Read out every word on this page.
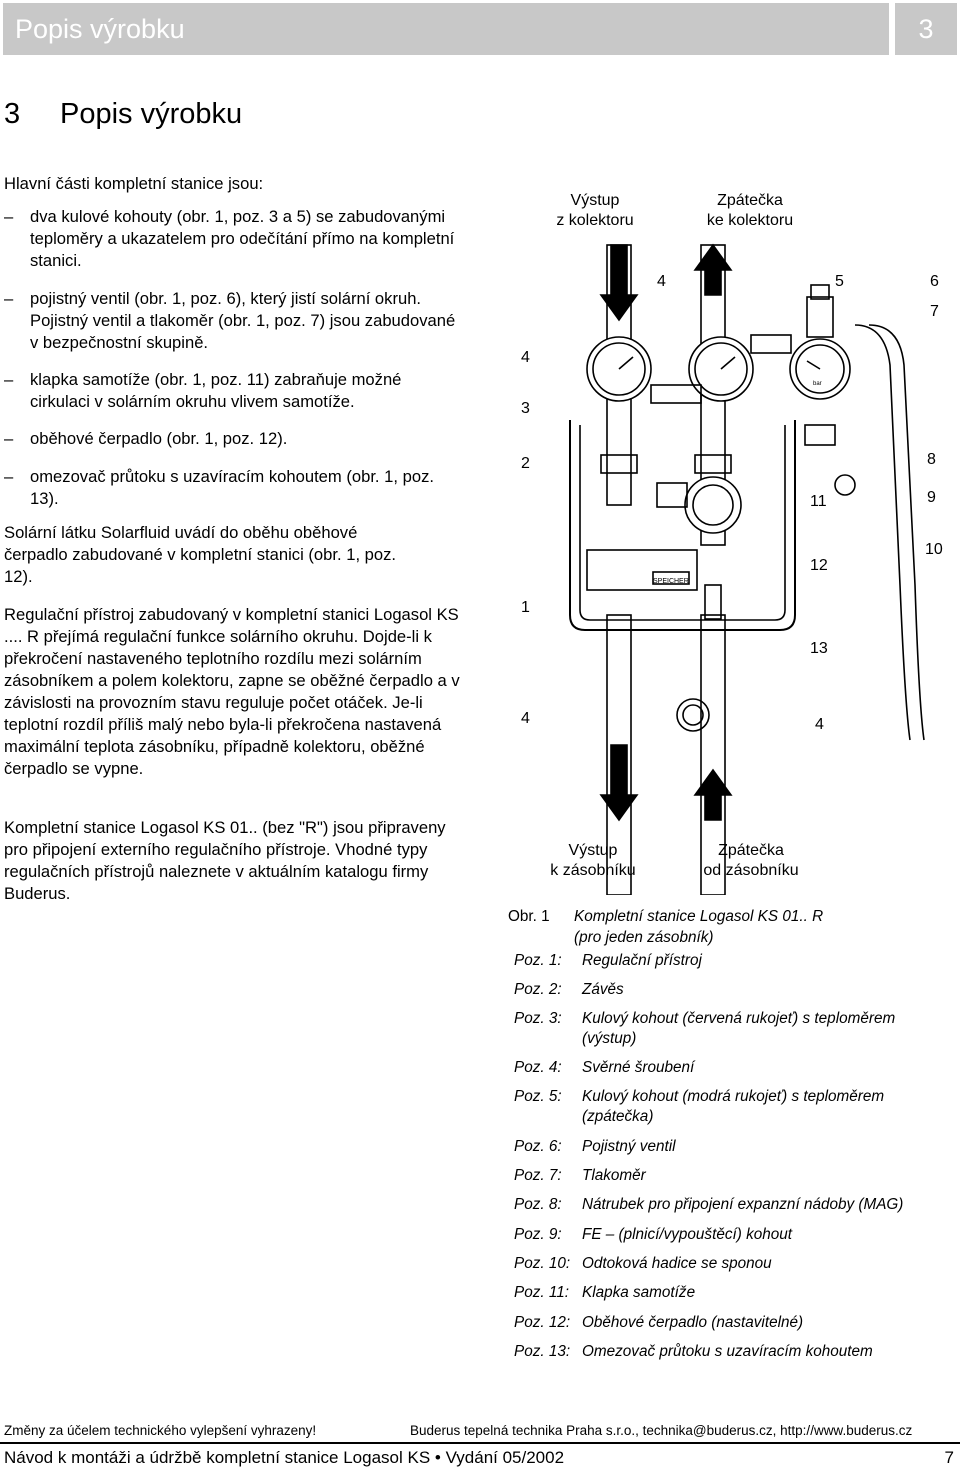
Popis výrobku	3
3 Popis výrobku
Hlavní části kompletní stanice jsou:
– dva kulové kohouty (obr. 1, poz. 3 a 5) se zabudovanými teploměry a ukazatelem pro odečítání přímo na kompletní stanici.
– pojistný ventil (obr. 1, poz. 6), který jistí solární okruh. Pojistný ventil a tlakoměr (obr. 1, poz. 7) jsou zabudované v bezpečnostní skupině.
– klapka samotíže (obr. 1, poz. 11) zabraňuje možné cirkulaci v solárním okruhu vlivem samotíže.
– oběhové čerpadlo (obr. 1, poz. 12).
– omezovač průtoku s uzavíracím kohoutem (obr. 1, poz. 13).
Solární látku Solarfluid uvádí do oběhu oběhové čerpadlo zabudované v kompletní stanici (obr. 1, poz. 12).
Regulační přístroj zabudovaný v kompletní stanici Logasol KS .... R přejímá regulační funkce solárního okruhu. Dojde-li k překročení nastaveného teplotního rozdílu mezi solárním zásobníkem a polem kolektoru, zapne se oběžné čerpadlo a v závislosti na provozním stavu reguluje počet otáček. Je-li teplotní rozdíl příliš malý nebo byla-li překročena nastavená maximální teplota zásobníku, případně kolektoru, oběžné čerpadlo se vypne.
Kompletní stanice Logasol KS 01.. (bez "R") jsou připraveny pro připojení externího regulačního přístroje. Vhodné typy regulačních přístrojů naleznete v aktuálním katalogu firmy Buderus.
SPEICHER
bar
Výstup
z kolektoru
Zpátečka
ke kolektoru
Výstup
k zásobníku
Zpátečka
od zásobníku
4	5	6
7
4
3
2	8
11	9
10
12
1
13
4	4
Obr. 1 Kompletní stanice Logasol KS 01.. R
(pro jeden zásobník)
Poz. 1: Regulační přístroj
Poz. 2: Závěs
Poz. 3: Kulový kohout (červená rukojeť) s teploměrem
(výstup)
Poz. 4: Svěrné šroubení
Poz. 5: Kulový kohout (modrá rukojeť) s teploměrem
(zpátečka)
Poz. 6: Pojistný ventil
Poz. 7: Tlakoměr
Poz. 8: Nátrubek pro připojení expanzní nádoby (MAG)
Poz. 9: FE – (plnicí/vypouštěcí) kohout
Poz. 10: Odtoková hadice se sponou
Poz. 11: Klapka samotíže
Poz. 12: Oběhové čerpadlo (nastavitelné)
Poz. 13: Omezovač průtoku s uzavíracím kohoutem
Změny za účelem technického vylepšení vyhrazeny!	Buderus tepelná technika Praha s.r.o., technika@buderus.cz, http://www.buderus.cz
Návod k montáži a údržbě kompletní stanice Logasol KS • Vydání 05/2002	7
